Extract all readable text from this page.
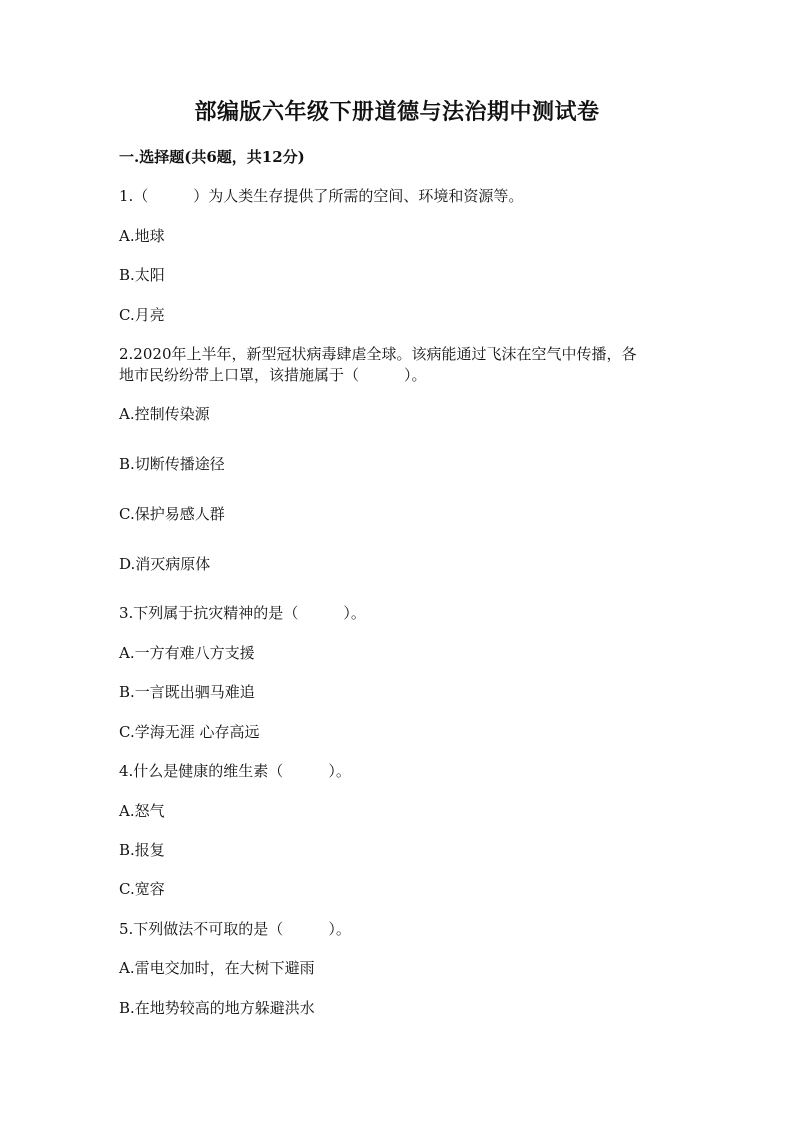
部编版六年级下册道德与法治期中测试卷
一.选择题(共6题，共12分)
1.（　　　）为人类生存提供了所需的空间、环境和资源等。
A.地球
B.太阳
C.月亮
2.2020年上半年，新型冠状病毒肆虐全球。该病能通过飞沫在空气中传播，各
地市民纷纷带上口罩，该措施属于（　　　）。
A.控制传染源
B.切断传播途径
C.保护易感人群
D.消灭病原体
3.下列属于抗灾精神的是（　　　）。
A.一方有难八方支援
B.一言既出驷马难追
C.学海无涯 心存高远
4.什么是健康的维生素（　　　）。
A.怒气
B.报复
C.宽容
5.下列做法不可取的是（　　　）。
A.雷电交加时，在大树下避雨
B.在地势较高的地方躲避洪水
